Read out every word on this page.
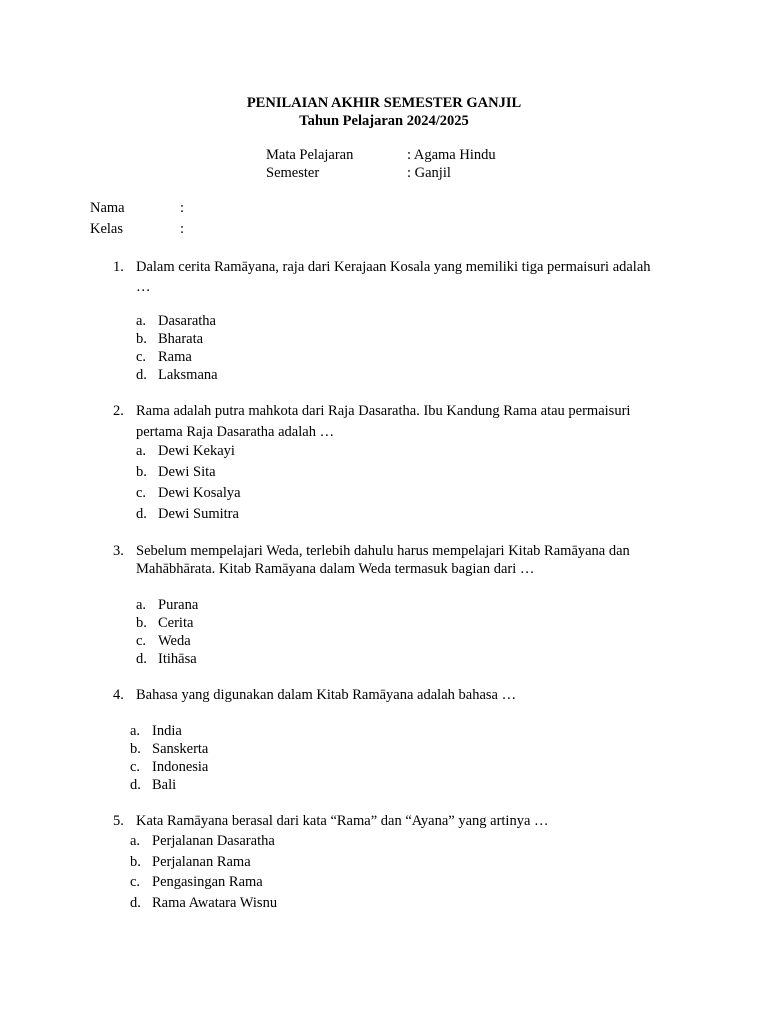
PENILAIAN AKHIR SEMESTER GANJIL
Tahun Pelajaran 2024/2025
Mata Pelajaran	: Agama Hindu
Semester	: Ganjil
Nama	:
Kelas	:
1. Dalam cerita Ramāyana, raja dari Kerajaan Kosala yang memiliki tiga permaisuri adalah
…
a. Dasaratha
b. Bharata
c. Rama
d. Laksmana
2. Rama adalah putra mahkota dari Raja Dasaratha. Ibu Kandung Rama atau permaisuri
pertama Raja Dasaratha adalah …
a. Dewi Kekayi
b. Dewi Sita
c. Dewi Kosalya
d. Dewi Sumitra
3. Sebelum mempelajari Weda, terlebih dahulu harus mempelajari Kitab Ramāyana dan
Mahābhārata. Kitab Ramāyana dalam Weda termasuk bagian dari …
a. Purana
b. Cerita
c. Weda
d. Itihāsa
4. Bahasa yang digunakan dalam Kitab Ramāyana adalah bahasa …
a. India
b. Sanskerta
c. Indonesia
d. Bali
5. Kata Ramāyana berasal dari kata “Rama” dan “Ayana” yang artinya …
a. Perjalanan Dasaratha
b. Perjalanan Rama
c. Pengasingan Rama
d. Rama Awatara Wisnu
